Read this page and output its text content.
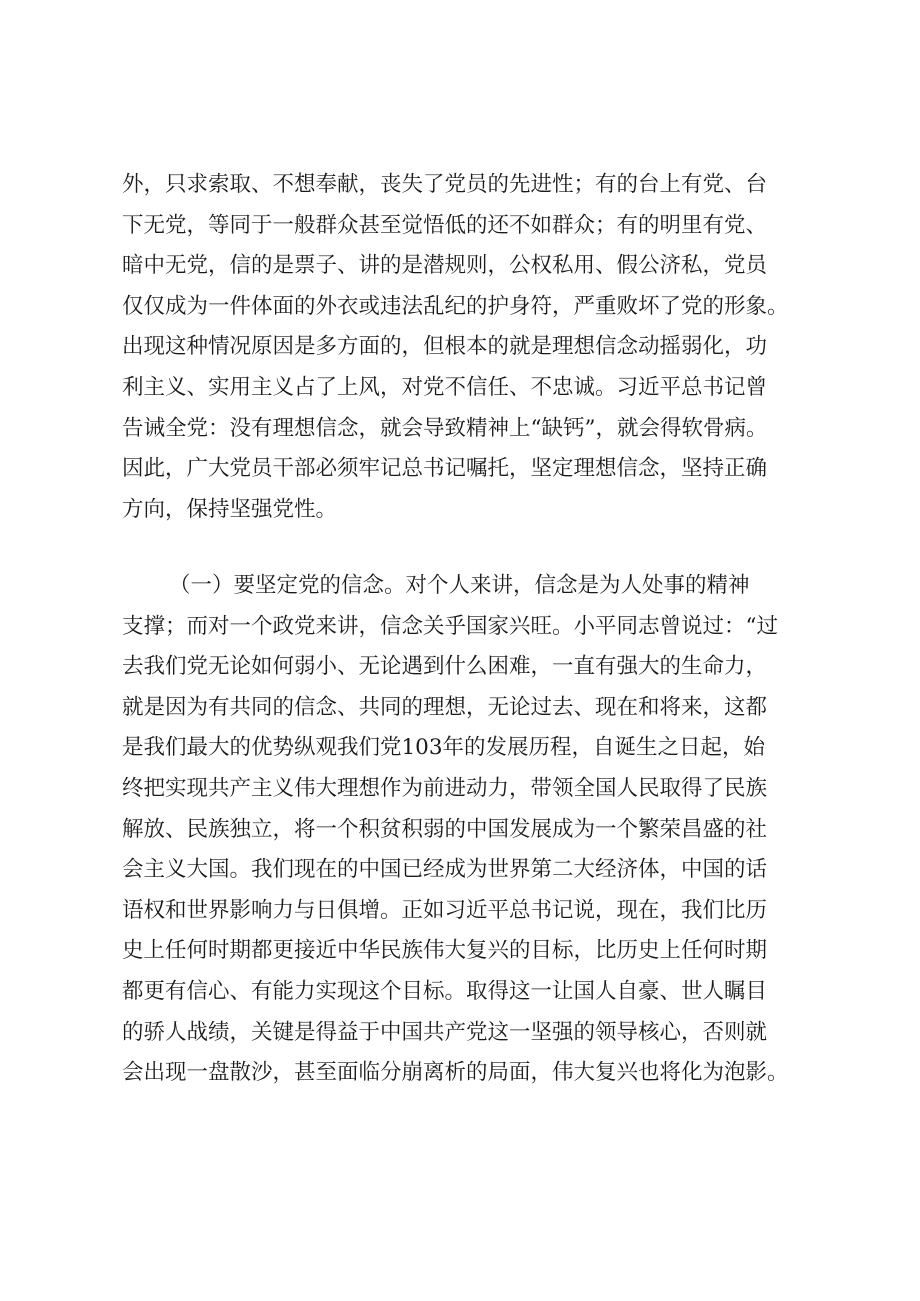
外，只求索取、不想奉献，丧失了党员的先进性；有的台上有党、台
下无党，等同于一般群众甚至觉悟低的还不如群众；有的明里有党、
暗中无党，信的是票子、讲的是潜规则，公权私用、假公济私，党员
仅仅成为一件体面的外衣或违法乱纪的护身符，严重败坏了党的形象。
出现这种情况原因是多方面的，但根本的就是理想信念动摇弱化，功
利主义、实用主义占了上风，对党不信任、不忠诚。习近平总书记曾
告诫全党：没有理想信念，就会导致精神上“缺钙”，就会得软骨病。
因此，广大党员干部必须牢记总书记嘱托，坚定理想信念，坚持正确
方向，保持坚强党性。
（一）要坚定党的信念。对个人来讲，信念是为人处事的精神
支撑；而对一个政党来讲，信念关乎国家兴旺。小平同志曾说过：“过
去我们党无论如何弱小、无论遇到什么困难，一直有强大的生命力，
就是因为有共同的信念、共同的理想，无论过去、现在和将来，这都
是我们最大的优势纵观我们党103年的发展历程，自诞生之日起，始
终把实现共产主义伟大理想作为前进动力，带领全国人民取得了民族
解放、民族独立，将一个积贫积弱的中国发展成为一个繁荣昌盛的社
会主义大国。我们现在的中国已经成为世界第二大经济体，中国的话
语权和世界影响力与日俱增。正如习近平总书记说，现在，我们比历
史上任何时期都更接近中华民族伟大复兴的目标，比历史上任何时期
都更有信心、有能力实现这个目标。取得这一让国人自豪、世人瞩目
的骄人战绩，关键是得益于中国共产党这一坚强的领导核心，否则就
会出现一盘散沙，甚至面临分崩离析的局面，伟大复兴也将化为泡影。
